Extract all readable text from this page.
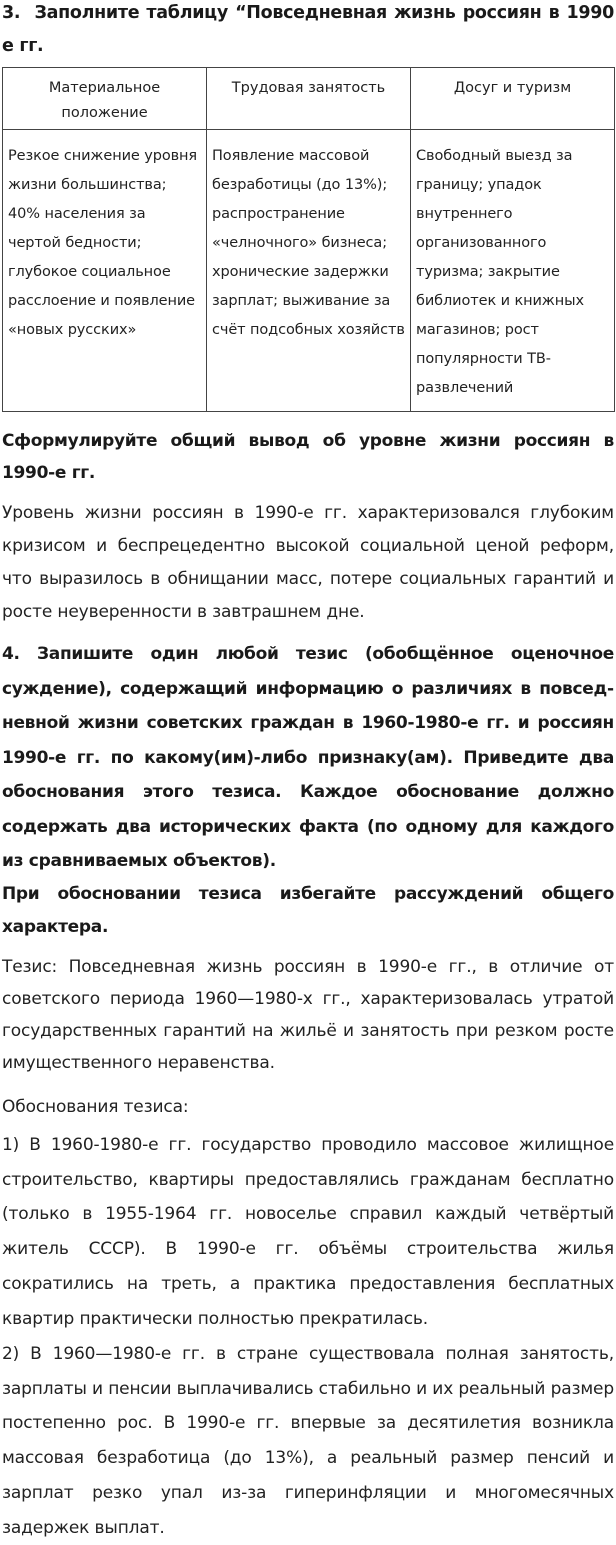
3. Заполните таблицу “Повседневная жизнь россиян в 1990 е гг.

Материальное положение	Трудовая занятость	Досуг и туризм
Резкое снижение уровня жизни большинства; 40% населения за чертой бедности; глубокое социальное расслоение и появление «новых русских»	Появление массовой безработицы (до 13%); распространение «челночного» бизнеса; хронические задержки зарплат; выживание за счёт подсобных хозяйств	Свободный выезд за границу; упадок внутреннего организованного туризма; закрытие библиотек и книжных магазинов; рост популярности ТВ-развлечений

Сформулируйте общий вывод об уровне жизни россиян в 1990-е гг.

Уровень жизни россиян в 1990-е гг. характеризовался глубоким кризисом и беспрецедентно высокой социальной ценой реформ, что выразилось в обнищании масс, потере социальных гарантий и росте неуверенности в завтрашнем дне.

4. Запишите один любой тезис (обобщённое оценочное суждение), содержащий информацию о различиях в повседневной жизни советских граждан в 1960-1980-е гг. и россиян 1990-е гг. по какому(им)-либо признаку(ам). Приведите два обоснования этого тезиса. Каждое обоснование должно содержать два исторических факта (по одному для каждого из сравниваемых объектов).

При обосновании тезиса избегайте рассуждений общего характера.

Тезис: Повседневная жизнь россиян в 1990-е гг., в отличие от советского периода 1960—1980-х гг., характеризовалась утратой государственных гарантий на жильё и занятость при резком росте имущественного неравенства.

Обоснования тезиса:

1) В 1960-1980-е гг. государство проводило массовое жилищное строительство, квартиры предоставлялись гражданам бесплатно (только в 1955-1964 гг. новоселье справил каждый четвёртый житель СССР). В 1990-е гг. объёмы строительства жилья сократились на треть, а практика предоставления бесплатных квартир практически полностью прекратилась.

2) В 1960—1980-е гг. в стране существовала полная занятость, зарплаты и пенсии выплачивались стабильно и их реальный размер постепенно рос. В 1990-е гг. впервые за десятилетия возникла массовая безработица (до 13%), а реальный размер пенсий и зарплат резко упал из-за гиперинфляции и многомесячных задержек выплат.
